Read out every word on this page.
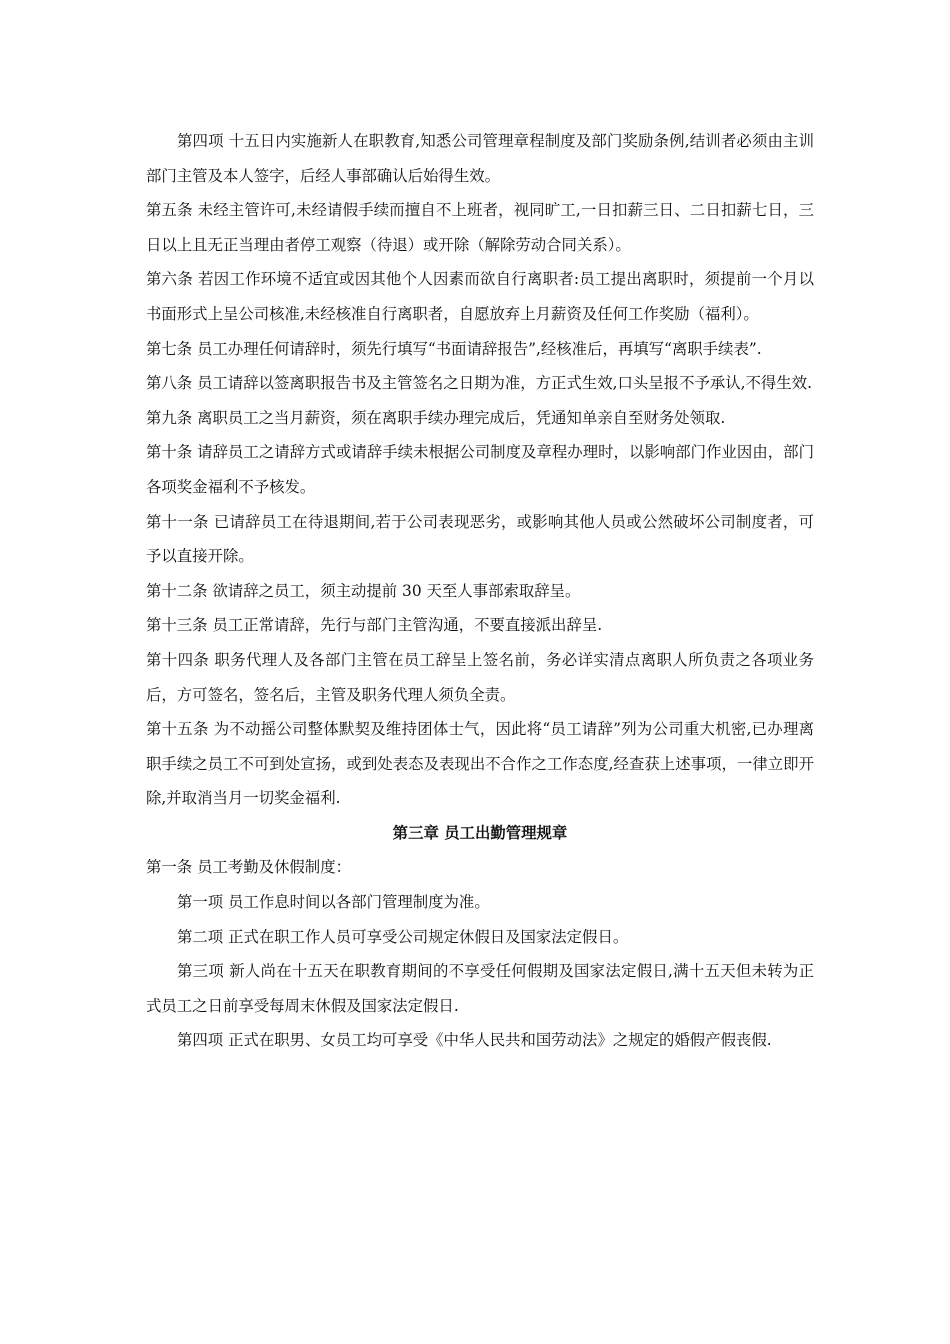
第四项 十五日内实施新人在职教育,知悉公司管理章程制度及部门奖励条例,结训者必须由主训部门主管及本人签字，后经人事部确认后始得生效。

第五条 未经主管许可,未经请假手续而擅自不上班者，视同旷工,一日扣薪三日、二日扣薪七日，三日以上且无正当理由者停工观察（待退）或开除（解除劳动合同关系）。

第六条 若因工作环境不适宜或因其他个人因素而欲自行离职者:员工提出离职时，须提前一个月以书面形式上呈公司核准,未经核准自行离职者，自愿放弃上月薪资及任何工作奖励（福利）。

第七条 员工办理任何请辞时，须先行填写“书面请辞报告”,经核准后，再填写“离职手续表”.

第八条 员工请辞以签离职报告书及主管签名之日期为准，方正式生效,口头呈报不予承认,不得生效.

第九条 离职员工之当月薪资，须在离职手续办理完成后，凭通知单亲自至财务处领取.

第十条 请辞员工之请辞方式或请辞手续未根据公司制度及章程办理时，以影响部门作业因由，部门各项奖金福利不予核发。

第十一条 已请辞员工在待退期间,若于公司表现恶劣，或影响其他人员或公然破坏公司制度者，可予以直接开除。

第十二条 欲请辞之员工，须主动提前 30 天至人事部索取辞呈。

第十三条 员工正常请辞，先行与部门主管沟通，不要直接派出辞呈.

第十四条 职务代理人及各部门主管在员工辞呈上签名前，务必详实清点离职人所负责之各项业务后，方可签名，签名后，主管及职务代理人须负全责。

第十五条 为不动摇公司整体默契及维持团体士气，因此将“员工请辞”列为公司重大机密,已办理离职手续之员工不可到处宣扬，或到处表态及表现出不合作之工作态度,经查获上述事项，一律立即开除,并取消当月一切奖金福利.

第三章 员工出勤管理规章

第一条 员工考勤及休假制度：

第一项 员工作息时间以各部门管理制度为准。

第二项 正式在职工作人员可享受公司规定休假日及国家法定假日。

第三项 新人尚在十五天在职教育期间的不享受任何假期及国家法定假日,满十五天但未转为正式员工之日前享受每周末休假及国家法定假日.

第四项 正式在职男、女员工均可享受《中华人民共和国劳动法》之规定的婚假产假丧假.
